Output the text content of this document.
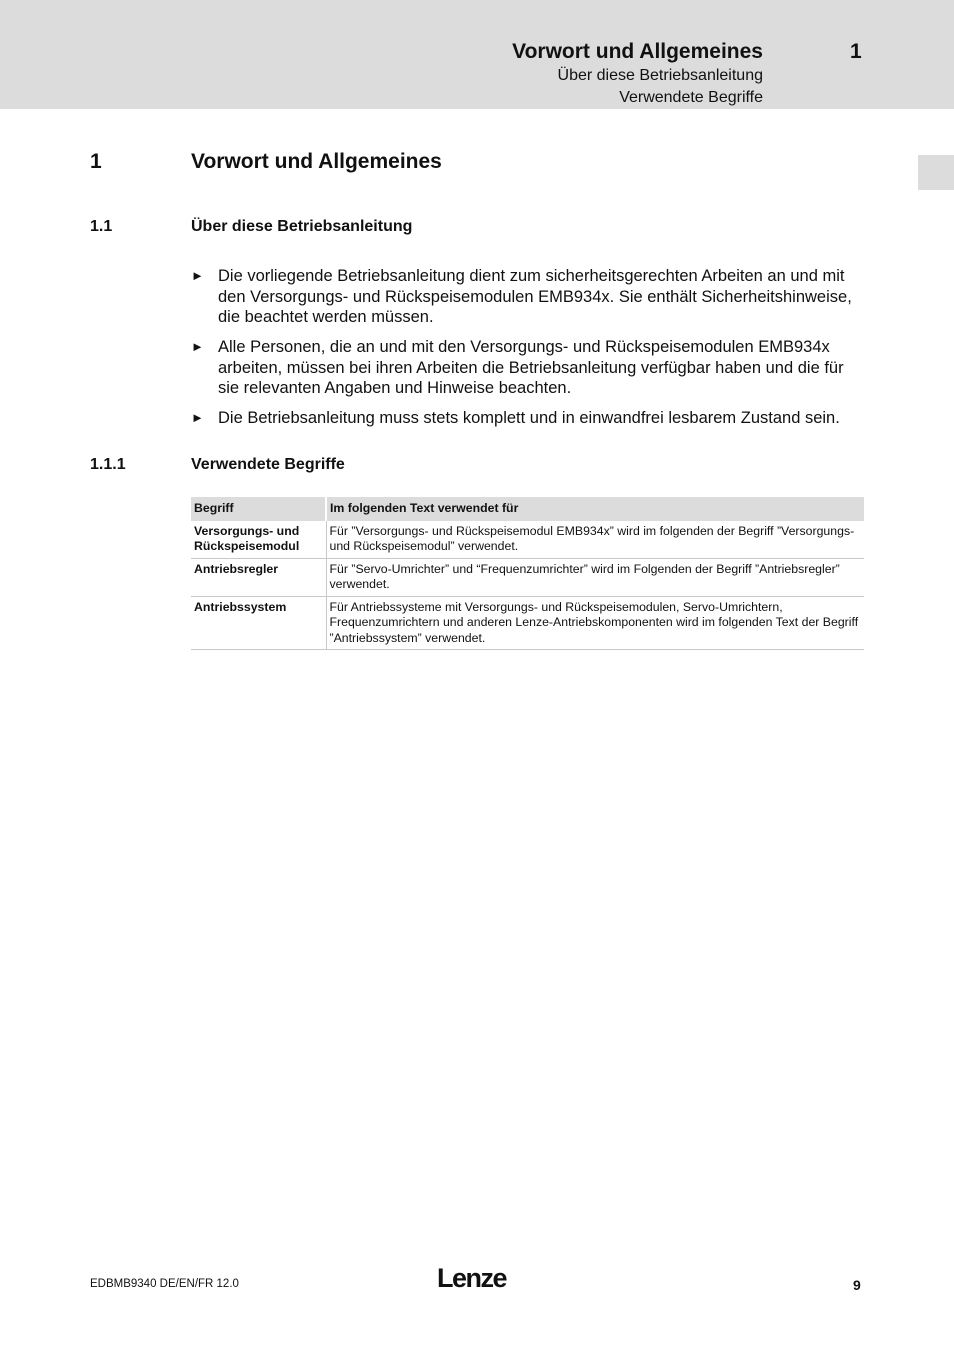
Vorwort und Allgemeines	1
Über diese Betriebsanleitung
Verwendete Begriffe
1	Vorwort und Allgemeines
1.1	Über diese Betriebsanleitung
► Die vorliegende Betriebsanleitung dient zum sicherheitsgerechten Arbeiten an und mit den Versorgungs- und Rückspeisemodulen EMB934x. Sie enthält Sicherheitshinweise, die beachtet werden müssen.
► Alle Personen, die an und mit den Versorgungs- und Rückspeisemodulen EMB934x arbeiten, müssen bei ihren Arbeiten die Betriebsanleitung verfügbar haben und die für sie relevanten Angaben und Hinweise beachten.
► Die Betriebsanleitung muss stets komplett und in einwandfrei lesbarem Zustand sein.
1.1.1	Verwendete Begriffe
Begriff	Im folgenden Text verwendet für
Versorgungs- und Rückspeisemodul	Für ”Versorgungs- und Rückspeisemodul EMB934x” wird im folgenden der Begriff ”Versorgungs- und Rückspeisemodul” verwendet.
Antriebsregler	Für ”Servo-Umrichter” und “Frequenzumrichter” wird im Folgenden der Begriff ”Antriebsregler” verwendet.
Antriebssystem	Für Antriebssysteme mit Versorgungs- und Rückspeisemodulen, Servo-Umrichtern, Frequenzumrichtern und anderen Lenze-Antriebskomponenten wird im folgenden Text der Begriff ”Antriebssystem” verwendet.
EDBMB9340 DE/EN/FR 12.0	Lenze	9
